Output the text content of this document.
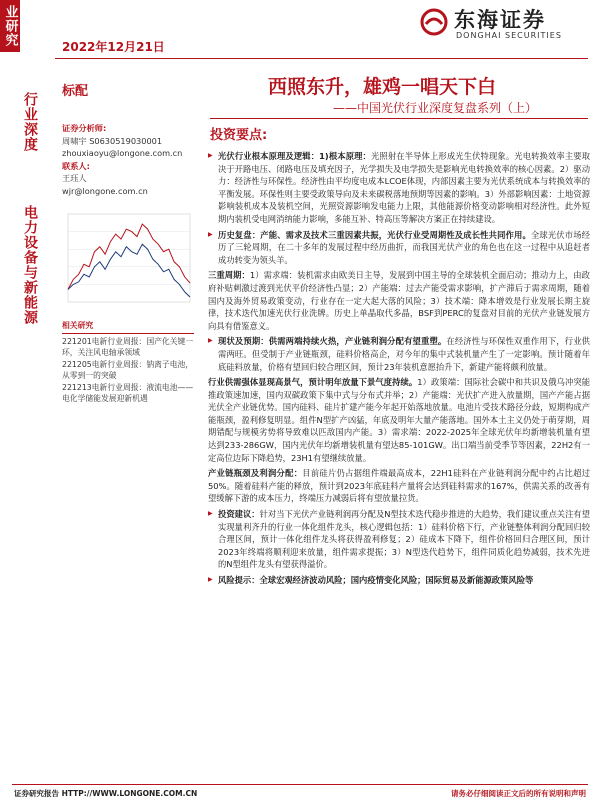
业研究
行业深度
电力设备与新能源
东海证券
DONGHAI SECURITIES
2022年12月21日
标配	西照东升，雄鸡一唱天下白
——中国光伏行业深度复盘系列（上）
证券分析师:
周啸宇 S0630519030001
zhouxiaoyu@longone.com.cn
联系人:
王珏人
wjr@longone.com.cn
相关研究
221201电新行业周报：国产化关键一环，关注风电轴承领域
221205电新行业周报：钠离子电池，从零到一的突破
221213电新行业周报：液流电池——电化学储能发展迎新机遇
投资要点:

▶ 光伏行业根本原理及逻辑：1)根本原理：光照射在半导体上形成光生伏特现象。光电转换效率主要取决于开路电压、闭路电压及填充因子，光学损失及电学损失是影响光电转换效率的核心因素。2）驱动力：经济性与环保性。经济性由平均度电成本LCOE体现，内部因素主要为光伏系统成本与转换效率的平衡发展。环保性则主要受政策导向及未来碳税落地预期等因素的影响。3）外部影响因素：土地资源影响装机成本及装机空间，光照资源影响发电能力上限，其他能源价格变动影响相对经济性。此外短期内装机受电网消纳能力影响，多能互补、特高压等解决方案正在持续建设。

▶ 历史复盘：产能、需求及技术三重因素共振，光伏行业受周期性及成长性共同作用。全球光伏市场经历了三轮周期，在二十多年的发展过程中经历曲折，而我国光伏产业的角色也在这一过程中从追赶者成功转变为领头羊。

三重周期：1）需求端：装机需求由欧美日主导，发展到中国主导的全球装机全面启动；推动力上，由政府补贴刺激过渡到光伏平价经济性凸显；2）产能端：过去产能受需求影响，扩产滞后于需求周期，随着国内及海外贸易政策变动，行业存在一定大起大落的风险；3）技术端：降本增效是行业发展长期主旋律，技术迭代加速光伏行业洗牌。历史上单晶取代多晶，BSF到PERC的复盘对目前的光伏产业链发展方向具有借鉴意义。

▶ 现状及预期：供需两端持续火热，产业链利润分配有望重塑。在经济性与环保性双重作用下，行业供需两旺。但受制于产业链瓶颈，硅料价格高企，对今年的集中式装机量产生了一定影响。预计随着年底硅料放量，价格有望回归较合理区间，预计23年装机意愿抬升下，新建产能将颇利放量。

行业供需强体显现高景气，预计明年放量下景气度持续。1）政策端：国际社会碳中和共识及俄乌冲突能推政策速加速，国内双碳政策下集中式与分布式并举；2）产能端：光伏扩产进入放量期，国产产能占据光伏全产业链优势。国内硅料、硅片扩建产能今年起开始落地放量。电池片受技术路径分歧，短期构成产能瓶颈，盈利修复明显。组件N型扩产凶猛，年底及明年大量产能落地。国外本土主义仍处于萌芽期，周期错配与规模劣势将导致难以匹敌国内产能。3）需求端：2022-2025年全球光伏年均新增装机量有望达到233-286GW，国内光伏年均新增装机量有望达85-101GW。出口端当前受季节等因素，22H2有一定高位边际下降趋势，23H1有望继续放量。

产业链瓶颈及利润分配：目前硅片仍占据组件端最高成本，22H1硅料在产业链利润分配中约占比超过50%。随着硅料产能的释放，预计到2023年底硅料产量将会达到硅料需求的167%，供需关系的改善有望缓解下游的成本压力，终端压力减弱后将有望放量拉货。

▶ 投资建议：针对当下光伏产业链利润再分配及N型技术迭代稳步推进的大趋势，我们建议重点关注有望实现量利齐升的行业一体化组件龙头，核心逻辑包括：1）硅料价格下行，产业链整体利润分配回归较合理区间，预计一体化组件龙头将获得盈利修复；2）硅成本下降下，组件价格回归合理区间，预计2023年终端将顺利迎来放量，组件需求提振；3）N型迭代趋势下，组件同质化趋势减弱，技术先进的N型组件龙头有望获得溢价。

▶ 风险提示：全球宏观经济波动风险；国内疫情变化风险；国际贸易及新能源政策风险等

证券研究报告 HTTP://WWW.LONGONE.COM.CN	请务必仔细阅读正文后的所有说明和声明
